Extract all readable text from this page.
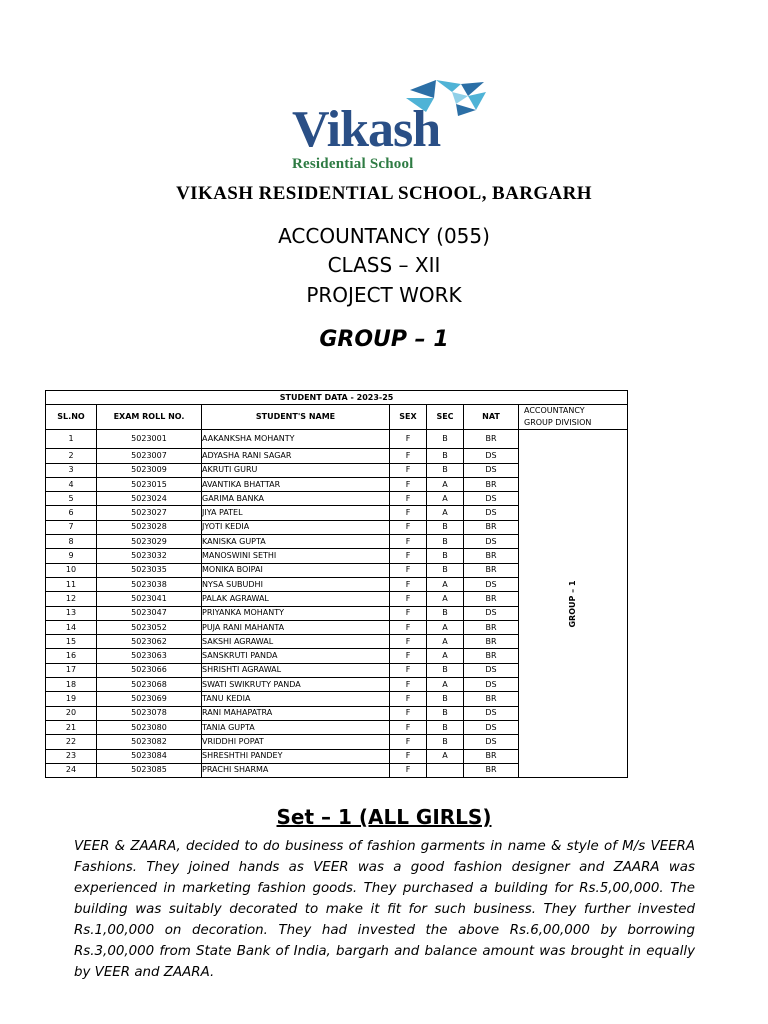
Vikash
Residential School
VIKASH RESIDENTIAL SCHOOL, BARGARH
ACCOUNTANCY (055)
CLASS – XII
PROJECT WORK
GROUP – 1
STUDENT DATA - 2023-25						
SL.NO	EXAM ROLL NO.	STUDENT'S NAME	SEX	SEC	NAT	ACCOUNTANCY
GROUP DIVISION
1	5023001	AAKANKSHA MOHANTY	F	B	BR	GROUP – 1

2	5023007	ADYASHA RANI SAGAR	F	B	DS	
3	5023009	AKRUTI GURU	F	B	DS	
4	5023015	AVANTIKA BHATTAR	F	A	BR	
5	5023024	GARIMA BANKA	F	A	DS	
6	5023027	JIYA PATEL	F	A	DS	
7	5023028	JYOTI KEDIA	F	B	BR	
8	5023029	KANISKA GUPTA	F	B	DS	
9	5023032	MANOSWINI SETHI	F	B	BR	
10	5023035	MONIKA BOIPAI	F	B	BR	
11	5023038	NYSA SUBUDHI	F	A	DS	
12	5023041	PALAK AGRAWAL	F	A	BR	
13	5023047	PRIYANKA MOHANTY	F	B	DS	
14	5023052	PUJA RANI MAHANTA	F	A	BR	
15	5023062	SAKSHI AGRAWAL	F	A	BR	
16	5023063	SANSKRUTI PANDA	F	A	BR	
17	5023066	SHRISHTI AGRAWAL	F	B	DS	
18	5023068	SWATI SWIKRUTY PANDA	F	A	DS	
19	5023069	TANU KEDIA	F	B	BR	
20	5023078	RANI MAHAPATRA	F	B	DS	
21	5023080	TANIA GUPTA	F	B	DS	
22	5023082	VRIDDHI POPAT	F	B	DS	
23	5023084	SHRESHTHI PANDEY	F	A	BR	
24	5023085	PRACHI SHARMA	F		BR	
Set – 1 (ALL GIRLS)
VEER & ZAARA, decided to do business of fashion garments in name & style of M/s VEERA Fashions. They joined hands as VEER was a good fashion designer and ZAARA was experienced in marketing fashion goods. They purchased a building for Rs.5,00,000. The building was suitably decorated to make it fit for such business. They further invested Rs.1,00,000 on decoration. They had invested the above Rs.6,00,000 by borrowing Rs.3,00,000 from State Bank of India, bargarh and balance amount was brought in equally by VEER and ZAARA.
